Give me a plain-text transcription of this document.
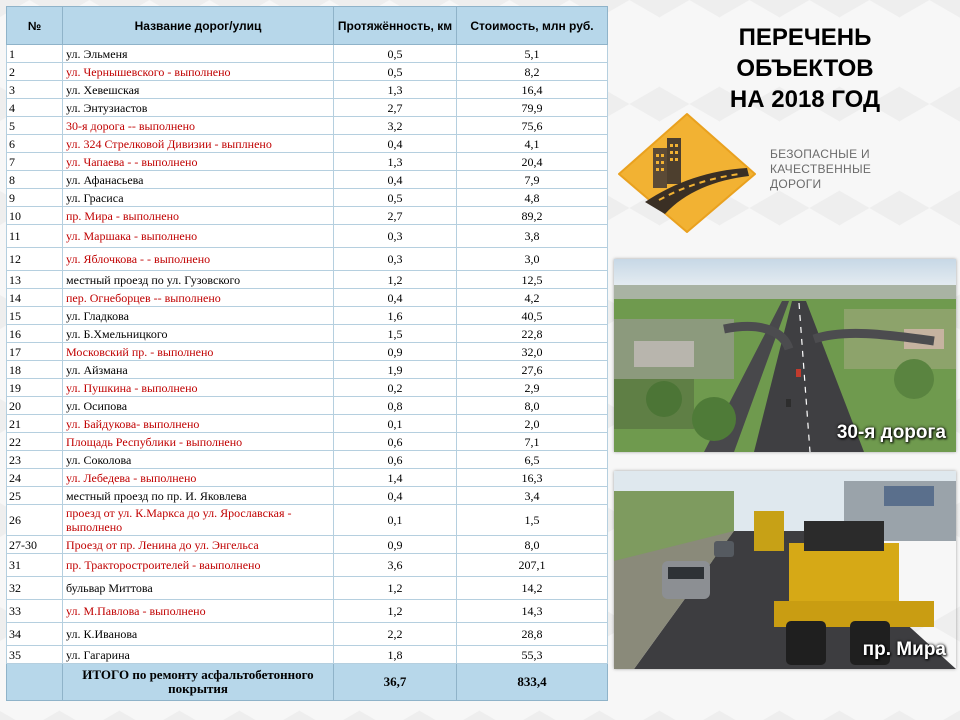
№	Название дорог/улиц	Протяжённость, км	Стоимость, млн руб.
1	ул. Эльменя	0,5	5,1
2	ул. Чернышевского - выполнено	0,5	8,2
3	ул. Хевешская	1,3	16,4
4	ул. Энтузиастов	2,7	79,9
5	30-я дорога -- выполнено	3,2	75,6
6	ул. 324 Стрелковой Дивизии - выплнено	0,4	4,1
7	ул. Чапаева - - выполнено	1,3	20,4
8	ул. Афанасьева	0,4	7,9
9	ул. Грасиса	0,5	4,8
10	пр. Мира - выполнено	2,7	89,2
11	ул. Маршака - выполнено	0,3	3,8
12	ул. Яблочкова - - выполнено	0,3	3,0
13	местный проезд по ул. Гузовского	1,2	12,5
14	пер. Огнеборцев -- выполнено	0,4	4,2
15	ул. Гладкова	1,6	40,5
16	ул. Б.Хмельницкого	1,5	22,8
17	Московский пр. - выполнено	0,9	32,0
18	ул. Айзмана	1,9	27,6
19	ул. Пушкина - выполнено	0,2	2,9
20	ул. Осипова	0,8	8,0
21	ул. Байдукова- выполнено	0,1	2,0
22	Площадь Республики - выполнено	0,6	7,1
23	ул. Соколова	0,6	6,5
24	ул. Лебедева - выполнено	1,4	16,3
25	местный проезд по пр. И. Яковлева	0,4	3,4
26	проезд от ул. К.Маркса до ул. Ярославская - выполнено	0,1	1,5
27-30	Проезд от пр. Ленина до ул. Энгельса	0,9	8,0
31	пр. Тракторостроителей - ваыполнено	3,6	207,1
32	бульвар Миттова	1,2	14,2
33	ул. М.Павлова - выполнено	1,2	14,3
34	ул. К.Иванова	2,2	28,8
35	ул. Гагарина	1,8	55,3
	ИТОГО по ремонту асфальтобетонного покрытия	36,7	833,4
ПЕРЕЧЕНЬ
ОБЪЕКТОВ
НА 2018 ГОД
БЕЗОПАСНЫЕ И
КАЧЕСТВЕННЫЕ
ДОРОГИ
30-я дорога
пр. Мира
